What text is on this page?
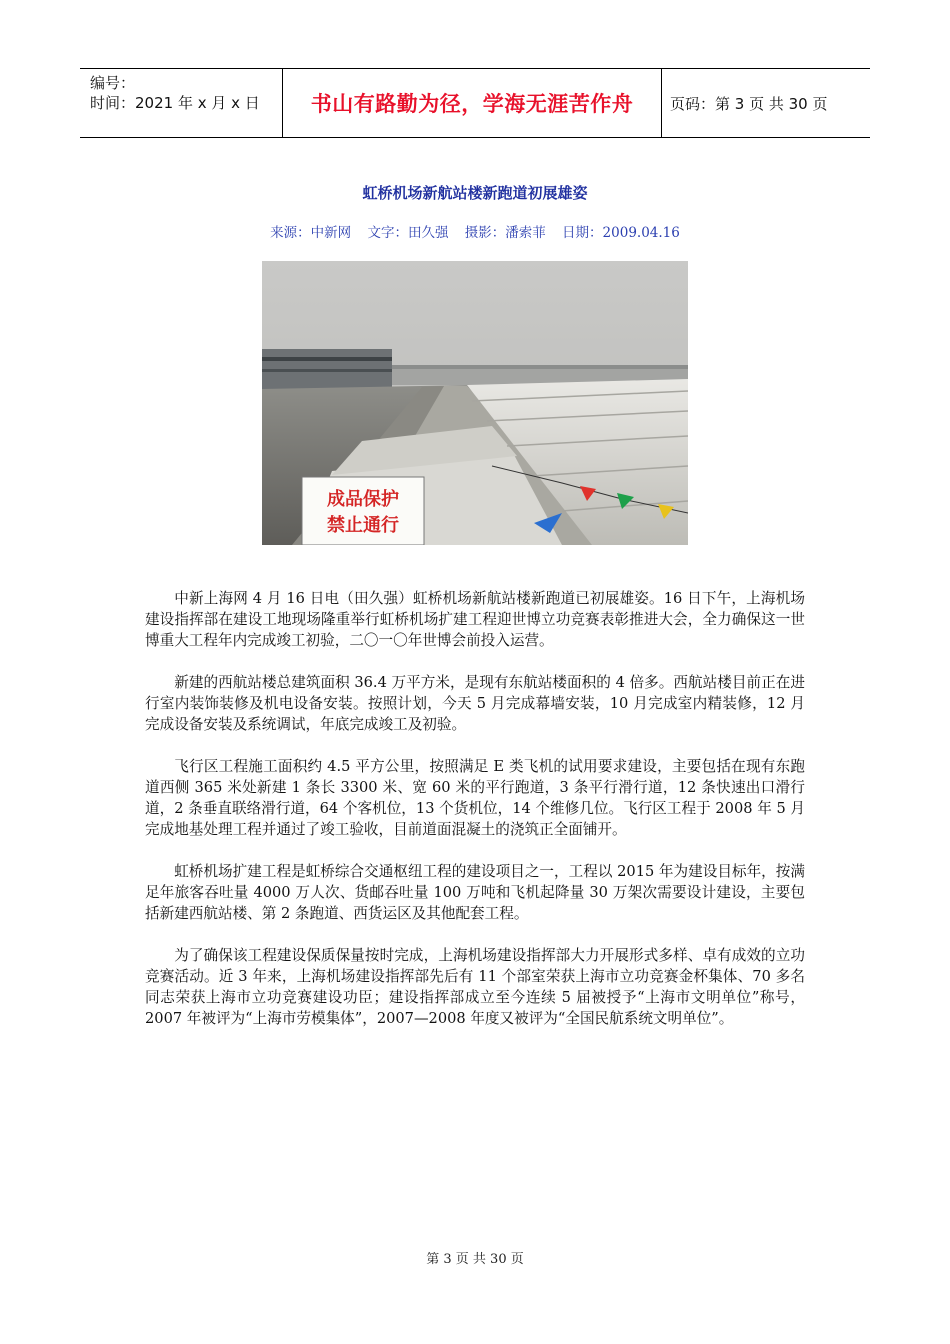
编号：
时间：2021 年 x 月 x 日	书山有路勤为径，学海无涯苦作舟	页码：第 3 页 共 30 页
虹桥机场新航站楼新跑道初展雄姿
来源：中新网 文字：田久强 摄影：潘索菲 日期：2009.04.16
成品保护
禁止通行

中新上海网 4 月 16 日电（田久强）虹桥机场新航站楼新跑道已初展雄姿。16 日下午，上海机场建设指挥部在建设工地现场隆重举行虹桥机场扩建工程迎世博立功竞赛表彰推进大会，全力确保这一世博重大工程年内完成竣工初验，二〇一〇年世博会前投入运营。

新建的西航站楼总建筑面积 36.4 万平方米，是现有东航站楼面积的 4 倍多。西航站楼目前正在进行室内装饰装修及机电设备安装。按照计划，今天 5 月完成幕墙安装，10 月完成室内精装修，12 月完成设备安装及系统调试，年底完成竣工及初验。

飞行区工程施工面积约 4.5 平方公里，按照满足 E 类飞机的试用要求建设，主要包括在现有东跑道西侧 365 米处新建 1 条长 3300 米、宽 60 米的平行跑道，3 条平行滑行道，12 条快速出口滑行道，2 条垂直联络滑行道，64 个客机位，13 个货机位，14 个维修几位。飞行区工程于 2008 年 5 月完成地基处理工程并通过了竣工验收，目前道面混凝土的浇筑正全面铺开。

虹桥机场扩建工程是虹桥综合交通枢纽工程的建设项目之一，工程以 2015 年为建设目标年，按满足年旅客吞吐量 4000 万人次、货邮吞吐量 100 万吨和飞机起降量 30 万架次需要设计建设，主要包括新建西航站楼、第 2 条跑道、西货运区及其他配套工程。

为了确保该工程建设保质保量按时完成，上海机场建设指挥部大力开展形式多样、卓有成效的立功竞赛活动。近 3 年来，上海机场建设指挥部先后有 11 个部室荣获上海市立功竞赛金杯集体、70 多名同志荣获上海市立功竞赛建设功臣；建设指挥部成立至今连续 5 届被授予“上海市文明单位”称号，2007 年被评为“上海市劳模集体”，2007—2008 年度又被评为“全国民航系统文明单位”。

第 3 页 共 30 页
